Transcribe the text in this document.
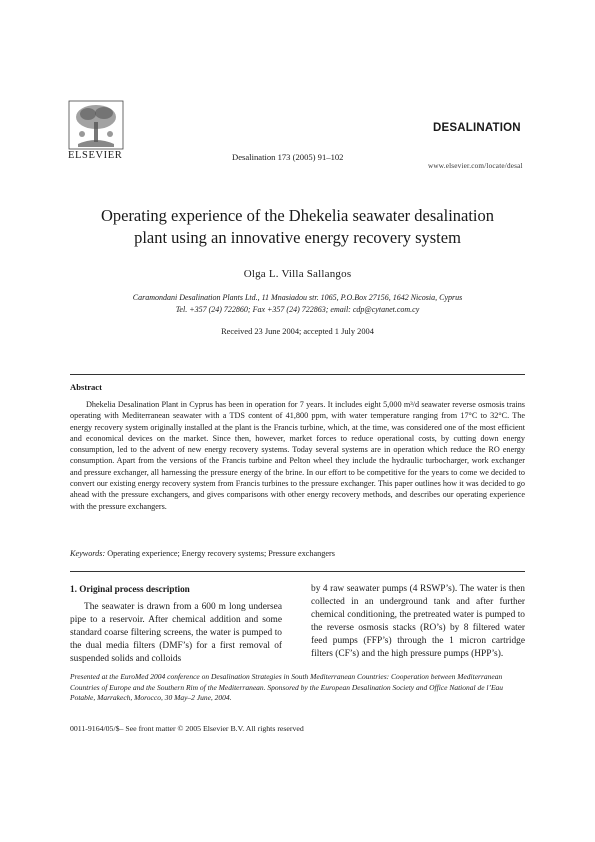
ELSEVIER	Desalination 173 (2005) 91–102
DESALINATION
www.elsevier.com/locate/desal
Operating experience of the Dhekelia seawater desalination
plant using an innovative energy recovery system
Olga L. Villa Sallangos
Caramondani Desalination Plants Ltd., 11 Mnasiadou str. 1065, P.O.Box 27156, 1642 Nicosia, Cyprus
Tel. +357 (24) 722860; Fax +357 (24) 722863; email: cdp@cytanet.com.cy
Received 23 June 2004; accepted 1 July 2004
Abstract
Dhekelia Desalination Plant in Cyprus has been in operation for 7 years. It includes eight 5,000 m³/d seawater reverse osmosis trains operating with Mediterranean seawater with a TDS content of 41,800 ppm, with water temperature ranging from 17°C to 32°C. The energy recovery system originally installed at the plant is the Francis turbine, which, at the time, was considered one of the most efficient and economical devices on the market. Since then, however, market forces to reduce operational costs, by cutting down energy consumption, led to the advent of new energy recovery systems. Today several systems are in operation which reduce the RO energy consumption. Apart from the versions of the Francis turbine and Pelton wheel they include the hydraulic turbocharger, work exchanger and pressure exchanger, all harnessing the pressure energy of the brine. In our effort to be competitive for the years to come we decided to convert our existing energy recovery system from Francis turbines to the pressure exchanger. This paper outlines how it was decided to go ahead with the pressure exchangers, and gives comparisons with other energy recovery methods, and describes our operating experience with the pressure exchangers.
Keywords: Operating experience; Energy recovery systems; Pressure exchangers
1. Original process description
The seawater is drawn from a 600 m long undersea pipe to a reservoir. After chemical addition and some standard coarse filtering screens, the water is pumped to the dual media filters (DMF’s) for a first removal of suspended solids and colloids
by 4 raw seawater pumps (4 RSWP’s). The water is then collected in an underground tank and after further chemical conditioning, the pretreated water is pumped to the reverse osmosis stacks (RO’s) by 8 filtered water feed pumps (FFP’s) through the 1 micron cartridge filters (CF’s) and the high pressure pumps (HPP’s).
Presented at the EuroMed 2004 conference on Desalination Strategies in South Mediterranean Countries: Cooperation between Mediterranean Countries of Europe and the Southern Rim of the Mediterranean. Sponsored by the European Desalination Society and Office National de l’Eau Potable, Marrakech, Morocco, 30 May–2 June, 2004.
0011-9164/05/$– See front matter © 2005 Elsevier B.V. All rights reserved
